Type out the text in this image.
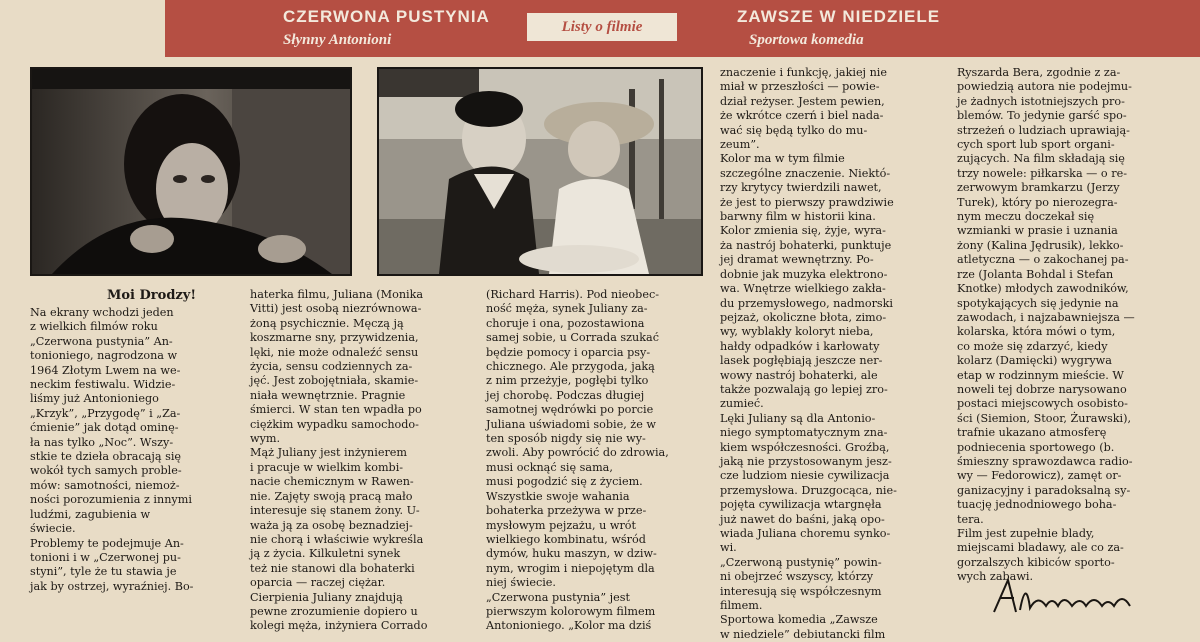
CZERWONA PUSTYNIA
Słynny Antonioni
ZAWSZE W NIEDZIELE
Sportowa komedia
Listy o filmie
Moi Drodzy!
Na ekrany wchodzi jeden
z wielkich filmów roku
„Czerwona pustynia” An-
tonioniego, nagrodzona w
1964 Złotym Lwem na we-
neckim festiwalu. Widzie-
liśmy już Antonioniego
„Krzyk”, „Przygodę” i „Za-
ćmienie” jak dotąd ominę-
ła nas tylko „Noc”. Wszy-
stkie te dzieła obracają się
wokół tych samych proble-
mów: samotności, niemoż-
ności porozumienia z innymi
ludźmi, zagubienia w
świecie.
Problemy te podejmuje An-
tonioni i w „Czerwonej pu-
styni”, tyle że tu stawia je
jak by ostrzej, wyraźniej. Bo-
haterka filmu, Juliana (Monika
Vitti) jest osobą niezrównowa-
żoną psychicznie. Męczą ją
koszmarne sny, przywidzenia,
lęki, nie może odnaleźć sensu
życia, sensu codziennych za-
jęć. Jest zobojętniała, skamie-
niała wewnętrznie. Pragnie
śmierci. W stan ten wpadła po
ciężkim wypadku samochodo-
wym.
Mąż Juliany jest inżynierem
i pracuje w wielkim kombi-
nacie chemicznym w Rawen-
nie. Zajęty swoją pracą mało
interesuje się stanem żony. U-
waża ją za osobę beznadziej-
nie chorą i właściwie wykreśla
ją z życia. Kilkuletni synek
też nie stanowi dla bohaterki
oparcia — raczej ciężar.
Cierpienia Juliany znajdują
pewne zrozumienie dopiero u
kolegi męża, inżyniera Corrado
(Richard Harris). Pod nieobec-
ność męża, synek Juliany za-
choruje i ona, pozostawiona
samej sobie, u Corrada szukać
będzie pomocy i oparcia psy-
chicznego. Ale przygoda, jaką
z nim przeżyje, pogłębi tylko
jej chorobę. Podczas długiej
samotnej wędrówki po porcie
Juliana uświadomi sobie, że w
ten sposób nigdy się nie wy-
zwoli. Aby powrócić do zdrowia,
musi ocknąć się sama,
musi pogodzić się z życiem.
Wszystkie swoje wahania
bohaterka przeżywa w prze-
mysłowym pejzażu, u wrót
wielkiego kombinatu, wśród
dymów, huku maszyn, w dziw-
nym, wrogim i niepojętym dla
niej świecie.
„Czerwona pustynia” jest
pierwszym kolorowym filmem
Antonioniego. „Kolor ma dziś
znaczenie i funkcję, jakiej nie
miał w przeszłości — powie-
dział reżyser. Jestem pewien,
że wkrótce czerń i biel nada-
wać się będą tylko do mu-
zeum”.
Kolor ma w tym filmie
szczególne znaczenie. Niektó-
rzy krytycy twierdzili nawet,
że jest to pierwszy prawdziwie
barwny film w historii kina.
Kolor zmienia się, żyje, wyra-
ża nastrój bohaterki, punktuje
jej dramat wewnętrzny. Po-
dobnie jak muzyka elektrono-
wa. Wnętrze wielkiego zakła-
du przemysłowego, nadmorski
pejzaż, okoliczne błota, zimo-
wy, wyblakły koloryt nieba,
hałdy odpadków i karłowaty
lasek pogłębiają jeszcze ner-
wowy nastrój bohaterki, ale
także pozwalają go lepiej zro-
zumieć.
Lęki Juliany są dla Antonio-
niego symptomatycznym zna-
kiem współczesności. Groźbą,
jaką nie przystosowanym jesz-
cze ludziom niesie cywilizacja
przemysłowa. Druzgocąca, nie-
pojęta cywilizacja wtargnęła
już nawet do baśni, jaką opo-
wiada Juliana choremu synko-
wi.
„Czerwoną pustynię” powin-
ni obejrzeć wszyscy, którzy
interesują się współczesnym
filmem.
Sportowa komedia „Zawsze
w niedziele” debiutancki film
Ryszarda Bera, zgodnie z za-
powiedzią autora nie podejmu-
je żadnych istotniejszych pro-
blemów. To jedynie garść spo-
strzeżeń o ludziach uprawiają-
cych sport lub sport organi-
zujących. Na film składają się
trzy nowele: piłkarska — o re-
zerwowym bramkarzu (Jerzy
Turek), który po nierozegra-
nym meczu doczekał się
wzmianki w prasie i uznania
żony (Kalina Jędrusik), lekko-
atletyczna — o zakochanej pa-
rze (Jolanta Bohdal i Stefan
Knotke) młodych zawodników,
spotykających się jedynie na
zawodach, i najzabawniejsza —
kolarska, która mówi o tym,
co może się zdarzyć, kiedy
kolarz (Damięcki) wygrywa
etap w rodzinnym mieście. W
noweli tej dobrze narysowano
postaci miejscowych osobisto-
ści (Siemion, Stoor, Żurawski),
trafnie ukazano atmosferę
podniecenia sportowego (b.
śmieszny sprawozdawca radio-
wy — Fedorowicz), zamęt or-
ganizacyjny i paradoksalną sy-
tuację jednodniowego boha-
tera.
Film jest zupełnie blady,
miejscami bladawy, ale co za-
gorzalszych kibiców sporto-
wych zabawi.
